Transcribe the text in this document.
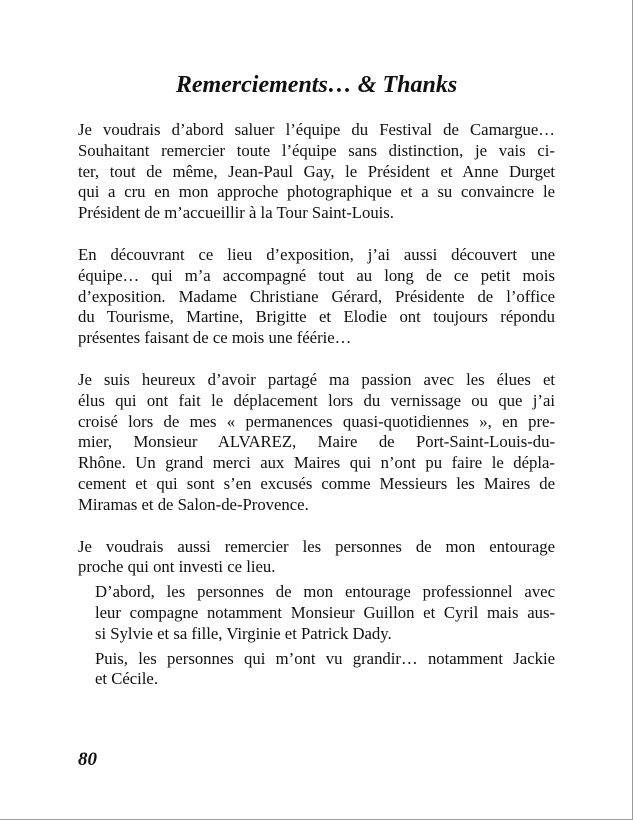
Remerciements… & Thanks

Je voudrais d’abord saluer l’équipe du Festival de Camargue…
Souhaitant remercier toute l’équipe sans distinction, je vais ci-
ter, tout de même, Jean-Paul Gay, le Président et Anne Durget
qui a cru en mon approche photographique et a su convaincre le
Président de m’accueillir à la Tour Saint-Louis.

En découvrant ce lieu d’exposition, j’ai aussi découvert une
équipe… qui m’a accompagné tout au long de ce petit mois
d’exposition. Madame Christiane Gérard, Présidente de l’office
du Tourisme, Martine, Brigitte et Elodie ont toujours répondu
présentes faisant de ce mois une féérie…

Je suis heureux d’avoir partagé ma passion avec les élues et
élus qui ont fait le déplacement lors du vernissage ou que j’ai
croisé lors de mes « permanences quasi-quotidiennes », en pre-
mier, Monsieur ALVAREZ, Maire de Port-Saint-Louis-du-
Rhône. Un grand merci aux Maires qui n’ont pu faire le dépla-
cement et qui sont s’en excusés comme Messieurs les Maires de
Miramas et de Salon-de-Provence.

Je voudrais aussi remercier les personnes de mon entourage
proche qui ont investi ce lieu.

D’abord, les personnes de mon entourage professionnel avec
leur compagne notamment Monsieur Guillon et Cyril mais aus-
si Sylvie et sa fille, Virginie et Patrick Dady.

Puis, les personnes qui m’ont vu grandir… notamment Jackie
et Cécile.

80
